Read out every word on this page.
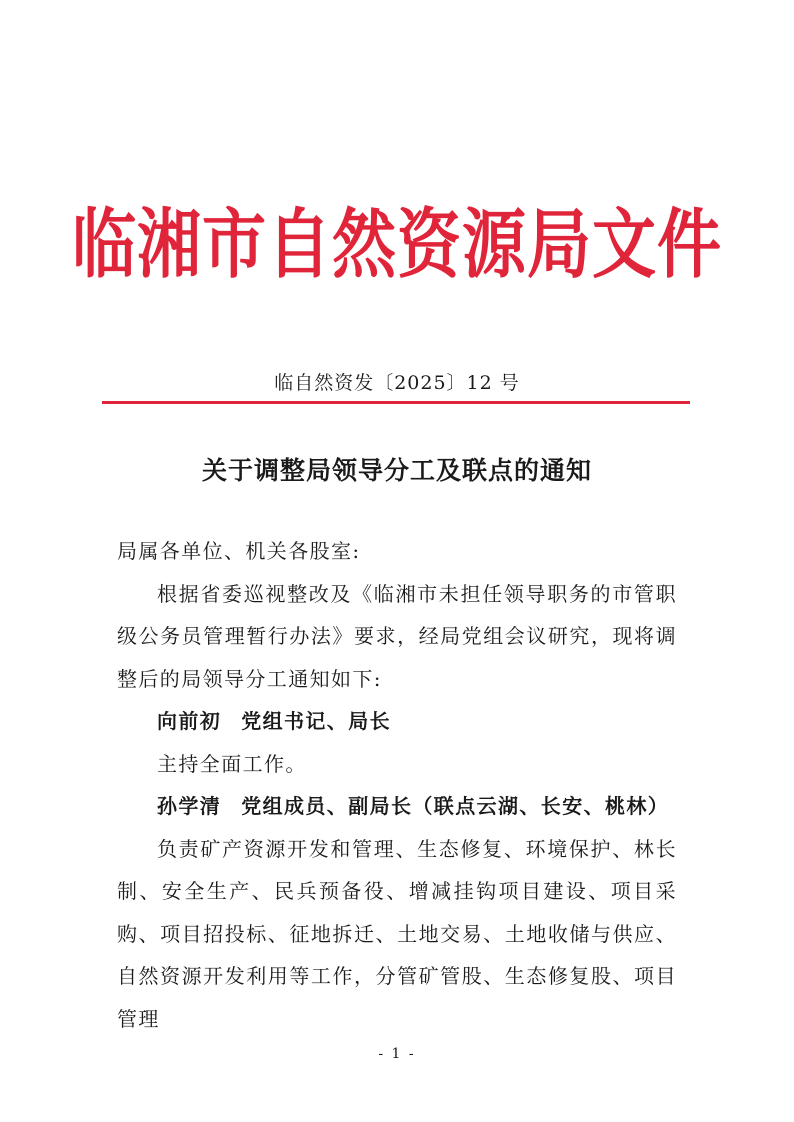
临湘市自然资源局文件
临自然资发〔2025〕12 号
关于调整局领导分工及联点的通知

局属各单位、机关各股室:

根据省委巡视整改及《临湘市未担任领导职务的市管职级公务员管理暂行办法》要求，经局党组会议研究，现将调整后的局领导分工通知如下:

向前初 党组书记、局长

主持全面工作。

孙学清 党组成员、副局长（联点云湖、长安、桃林）

负责矿产资源开发和管理、生态修复、环境保护、林长制、安全生产、民兵预备役、增减挂钩项目建设、项目采购、项目招投标、征地拆迁、土地交易、土地收储与供应、自然资源开发利用等工作，分管矿管股、生态修复股、项目管理

- 1 -
